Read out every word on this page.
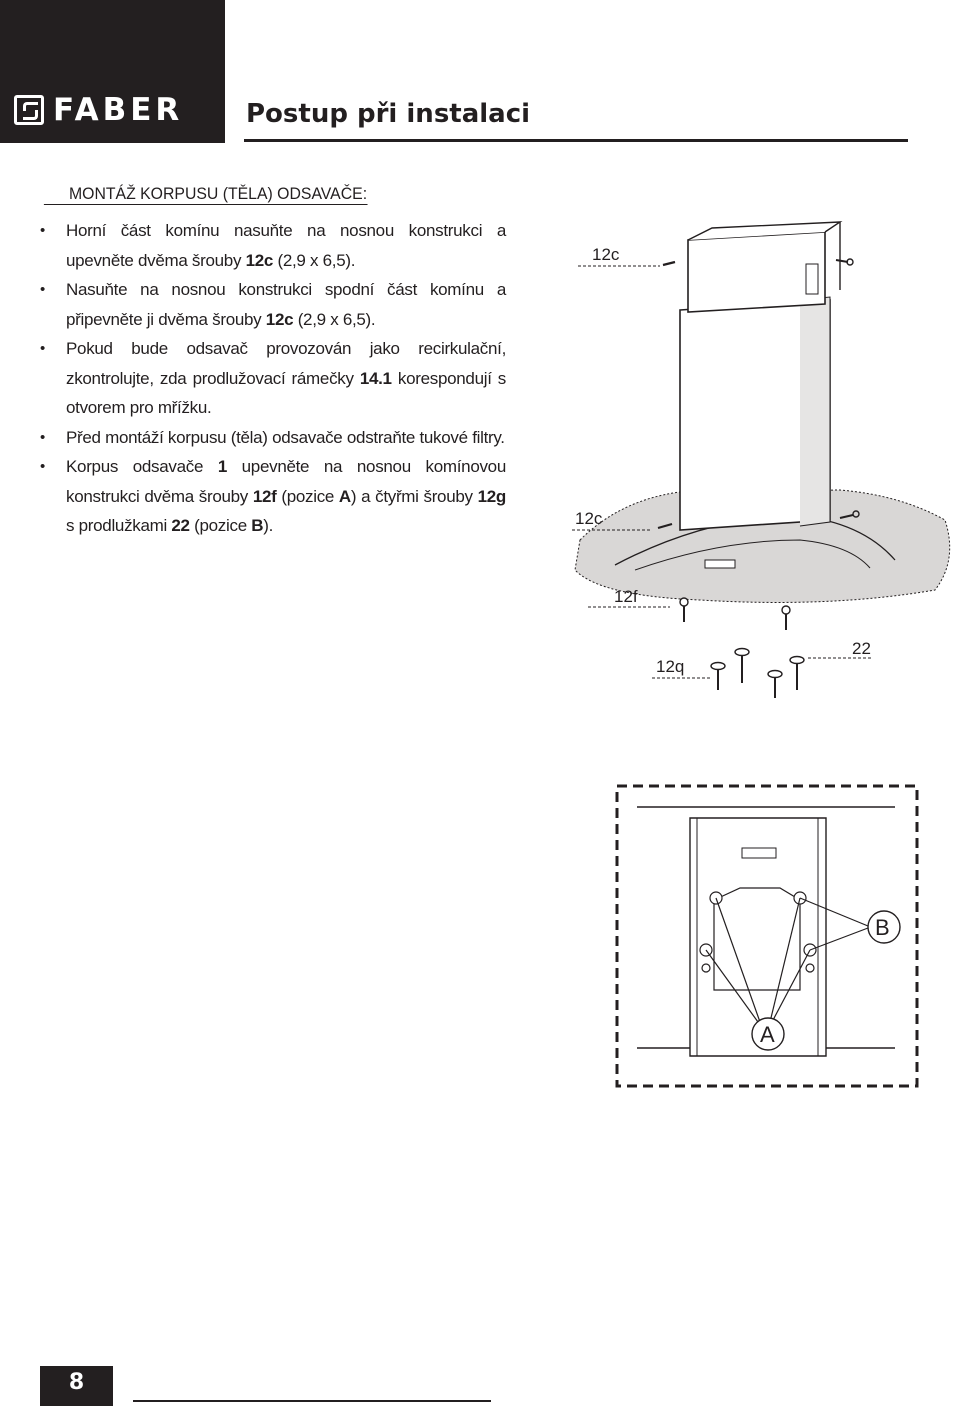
FABER Postup při instalaci
MONTÁŽ KORPUSU (TĚLA) ODSAVAČE:
• Horní část komínu nasuňte na nosnou konstrukci a upevněte dvěma šrouby 12c (2,9 x 6,5).
• Nasuňte na nosnou konstrukci spodní část komínu a připevněte ji dvěma šrouby 12c (2,9 x 6,5).
• Pokud bude odsavač provozován jako recirkulační, zkontrolujte, zda prodlužovací rámečky 14.1 korespondují s otvorem pro mřížku.
• Před montáží korpusu (těla) odsavače odstraňte tukové filtry.
• Korpus odsavače 1 upevněte na nosnou komínovou konstrukci dvěma šrouby 12f (pozice A) a čtyřmi šrouby 12g s prodlužkami 22 (pozice B).
12c
12c
12f
12q
22
B
A
8
